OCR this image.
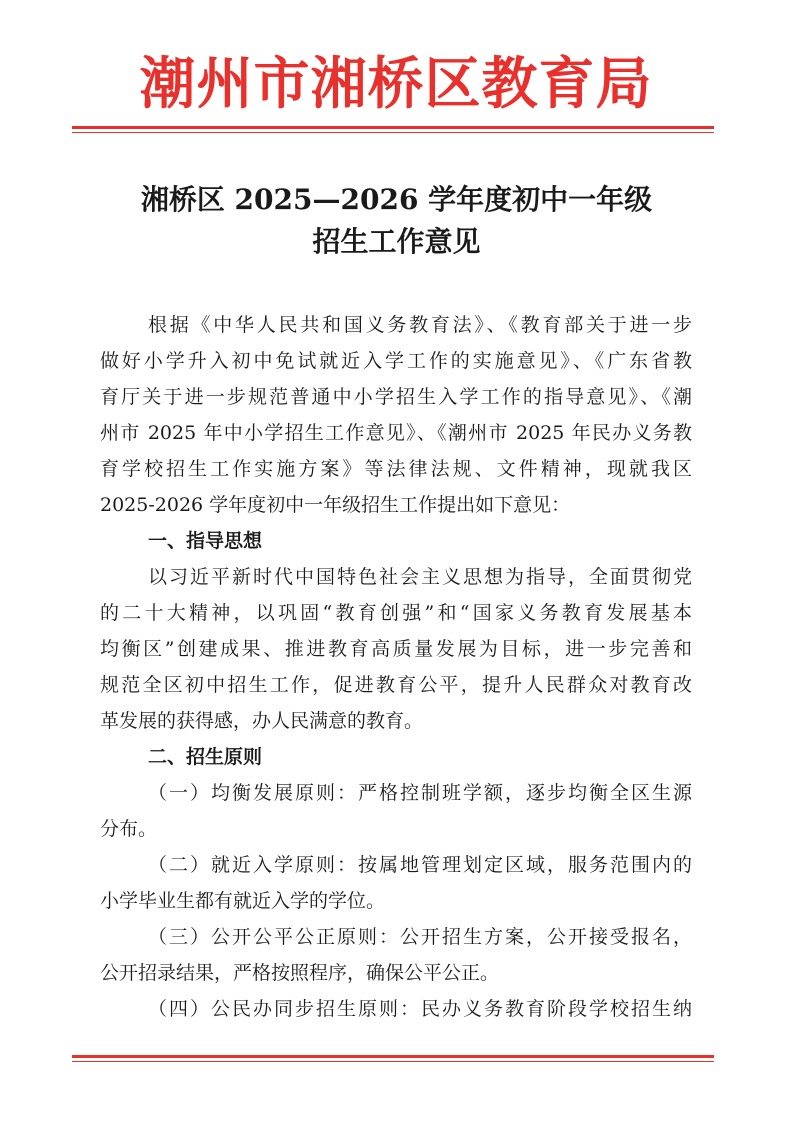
潮州市湘桥区教育局
湘桥区 2025—2026 学年度初中一年级
招生工作意见
根据《中华人民共和国义务教育法》、《教育部关于进一步
做好小学升入初中免试就近入学工作的实施意见》、《广东省教
育厅关于进一步规范普通中小学招生入学工作的指导意见》、《潮
州市 2025 年中小学招生工作意见》、《潮州市 2025 年民办义务教
育学校招生工作实施方案》等法律法规、文件精神，现就我区
2025-2026 学年度初中一年级招生工作提出如下意见：
一、指导思想
以习近平新时代中国特色社会主义思想为指导，全面贯彻党
的二十大精神，以巩固“教育创强”和“国家义务教育发展基本
均衡区”创建成果、推进教育高质量发展为目标，进一步完善和
规范全区初中招生工作，促进教育公平，提升人民群众对教育改
革发展的获得感，办人民满意的教育。
二、招生原则
（一）均衡发展原则：严格控制班学额，逐步均衡全区生源
分布。
（二）就近入学原则：按属地管理划定区域，服务范围内的
小学毕业生都有就近入学的学位。
（三）公开公平公正原则：公开招生方案，公开接受报名，
公开招录结果，严格按照程序，确保公平公正。
（四）公民办同步招生原则：民办义务教育阶段学校招生纳
